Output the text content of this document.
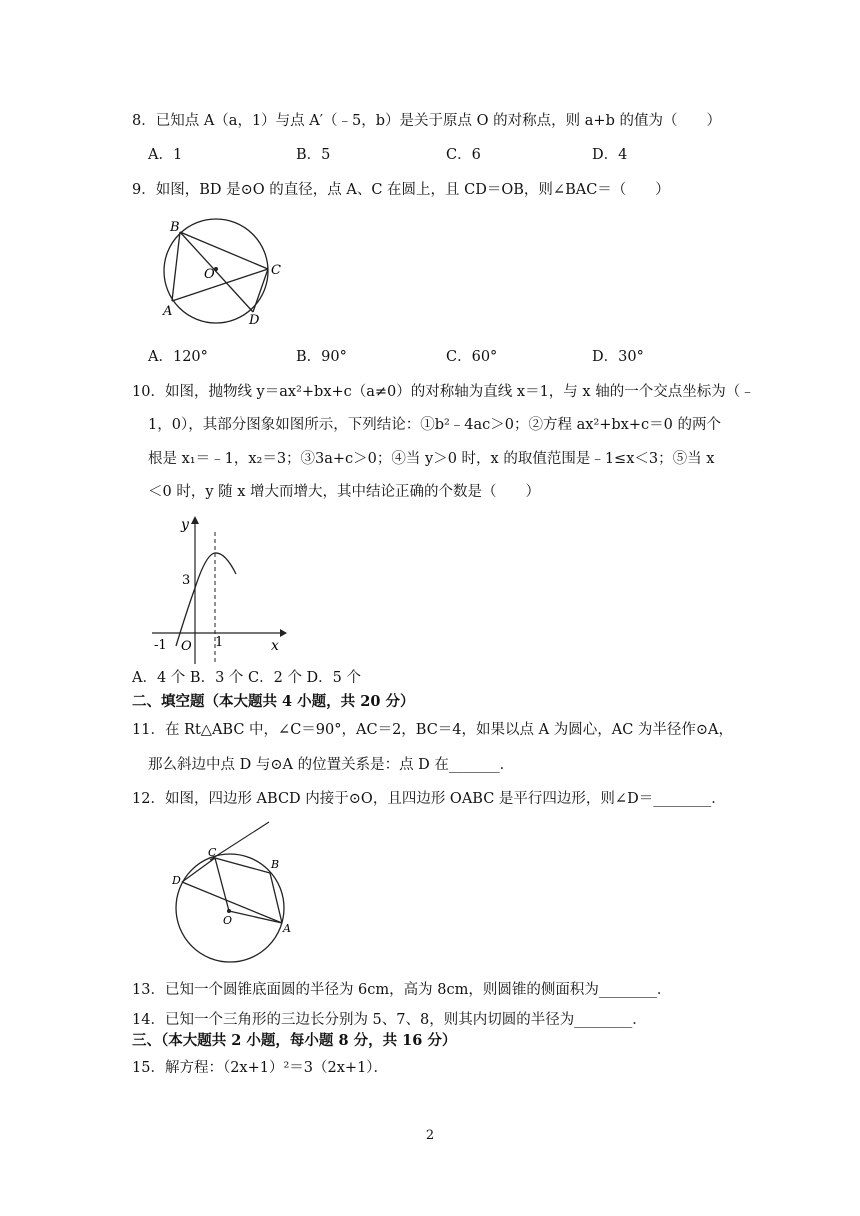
8．已知点 A（a，1）与点 A′（﹣5，b）是关于原点 O 的对称点，则 a+b 的值为（　　）
A．1	B．5	C．6	D．4
9．如图，BD 是⊙O 的直径，点 A、C 在圆上，且 CD＝OB，则∠BAC＝（　　）
B
O	C
A
D
A．120°	B．90°	C．60°	D．30°
10．如图，抛物线 y＝ax²+bx+c（a≠0）的对称轴为直线 x＝1，与 x 轴的一个交点坐标为（﹣
1，0），其部分图象如图所示，下列结论：①b²﹣4ac＞0；②方程 ax²+bx+c＝0 的两个
根是 x₁＝﹣1，x₂＝3；③3a+c＞0；④当 y＞0 时，x 的取值范围是﹣1≤x＜3；⑤当 x
＜0 时，y 随 x 增大而增大，其中结论正确的个数是（　　）
y
3
-1 O 1	x
A．4 个 B．3 个 C．2 个 D．5 个
二、填空题（本大题共 4 小题，共 20 分）
11．在 Rt△ABC 中，∠C＝90°，AC＝2，BC＝4，如果以点 A 为圆心，AC 为半径作⊙A，
那么斜边中点 D 与⊙A 的位置关系是：点 D 在_______．
12．如图，四边形 ABCD 内接于⊙O，且四边形 OABC 是平行四边形，则∠D＝________．
C
B
D
O
A
13．已知一个圆锥底面圆的半径为 6cm，高为 8cm，则圆锥的侧面积为________．
14．已知一个三角形的三边长分别为 5、7、8，则其内切圆的半径为________．
三、（本大题共 2 小题，每小题 8 分，共 16 分）
15．解方程：（2x+1）²＝3（2x+1）．
2
